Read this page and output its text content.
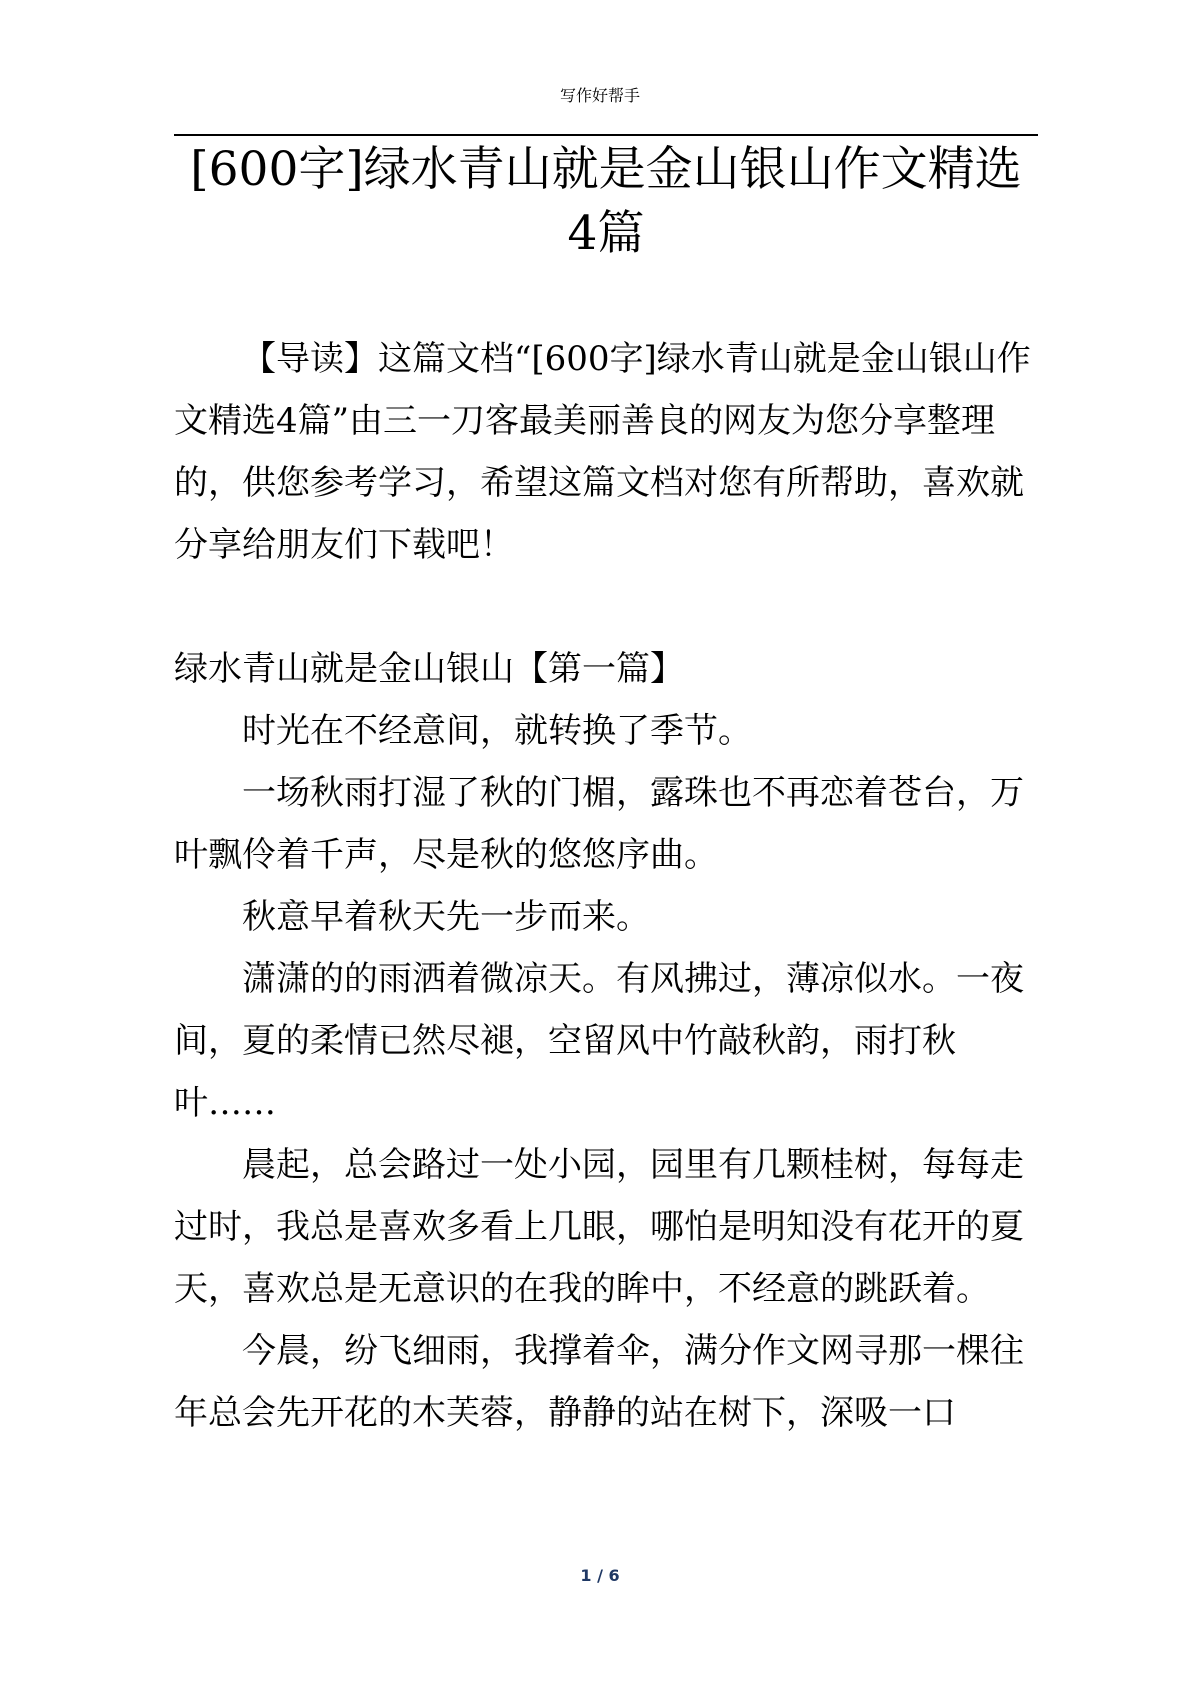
写作好帮手
[600字]绿水青山就是金山银山作文精选
4篇

【导读】这篇文档“[600字]绿水青山就是金山银山作文精选4篇”由三一刀客最美丽善良的网友为您分享整理的，供您参考学习，希望这篇文档对您有所帮助，喜欢就分享给朋友们下载吧！

绿水青山就是金山银山【第一篇】

时光在不经意间，就转换了季节。

一场秋雨打湿了秋的门楣，露珠也不再恋着苍台，万叶飘伶着千声，尽是秋的悠悠序曲。

秋意早着秋天先一步而来。

潇潇的的雨洒着微凉天。有风拂过，薄凉似水。一夜间，夏的柔情已然尽褪，空留风中竹敲秋韵，雨打秋叶……

晨起，总会路过一处小园，园里有几颗桂树，每每走过时，我总是喜欢多看上几眼，哪怕是明知没有花开的夏天，喜欢总是无意识的在我的眸中，不经意的跳跃着。

今晨，纷飞细雨，我撑着伞，满分作文网寻那一棵往年总会先开花的木芙蓉，静静的站在树下，深吸一口

1 / 6
